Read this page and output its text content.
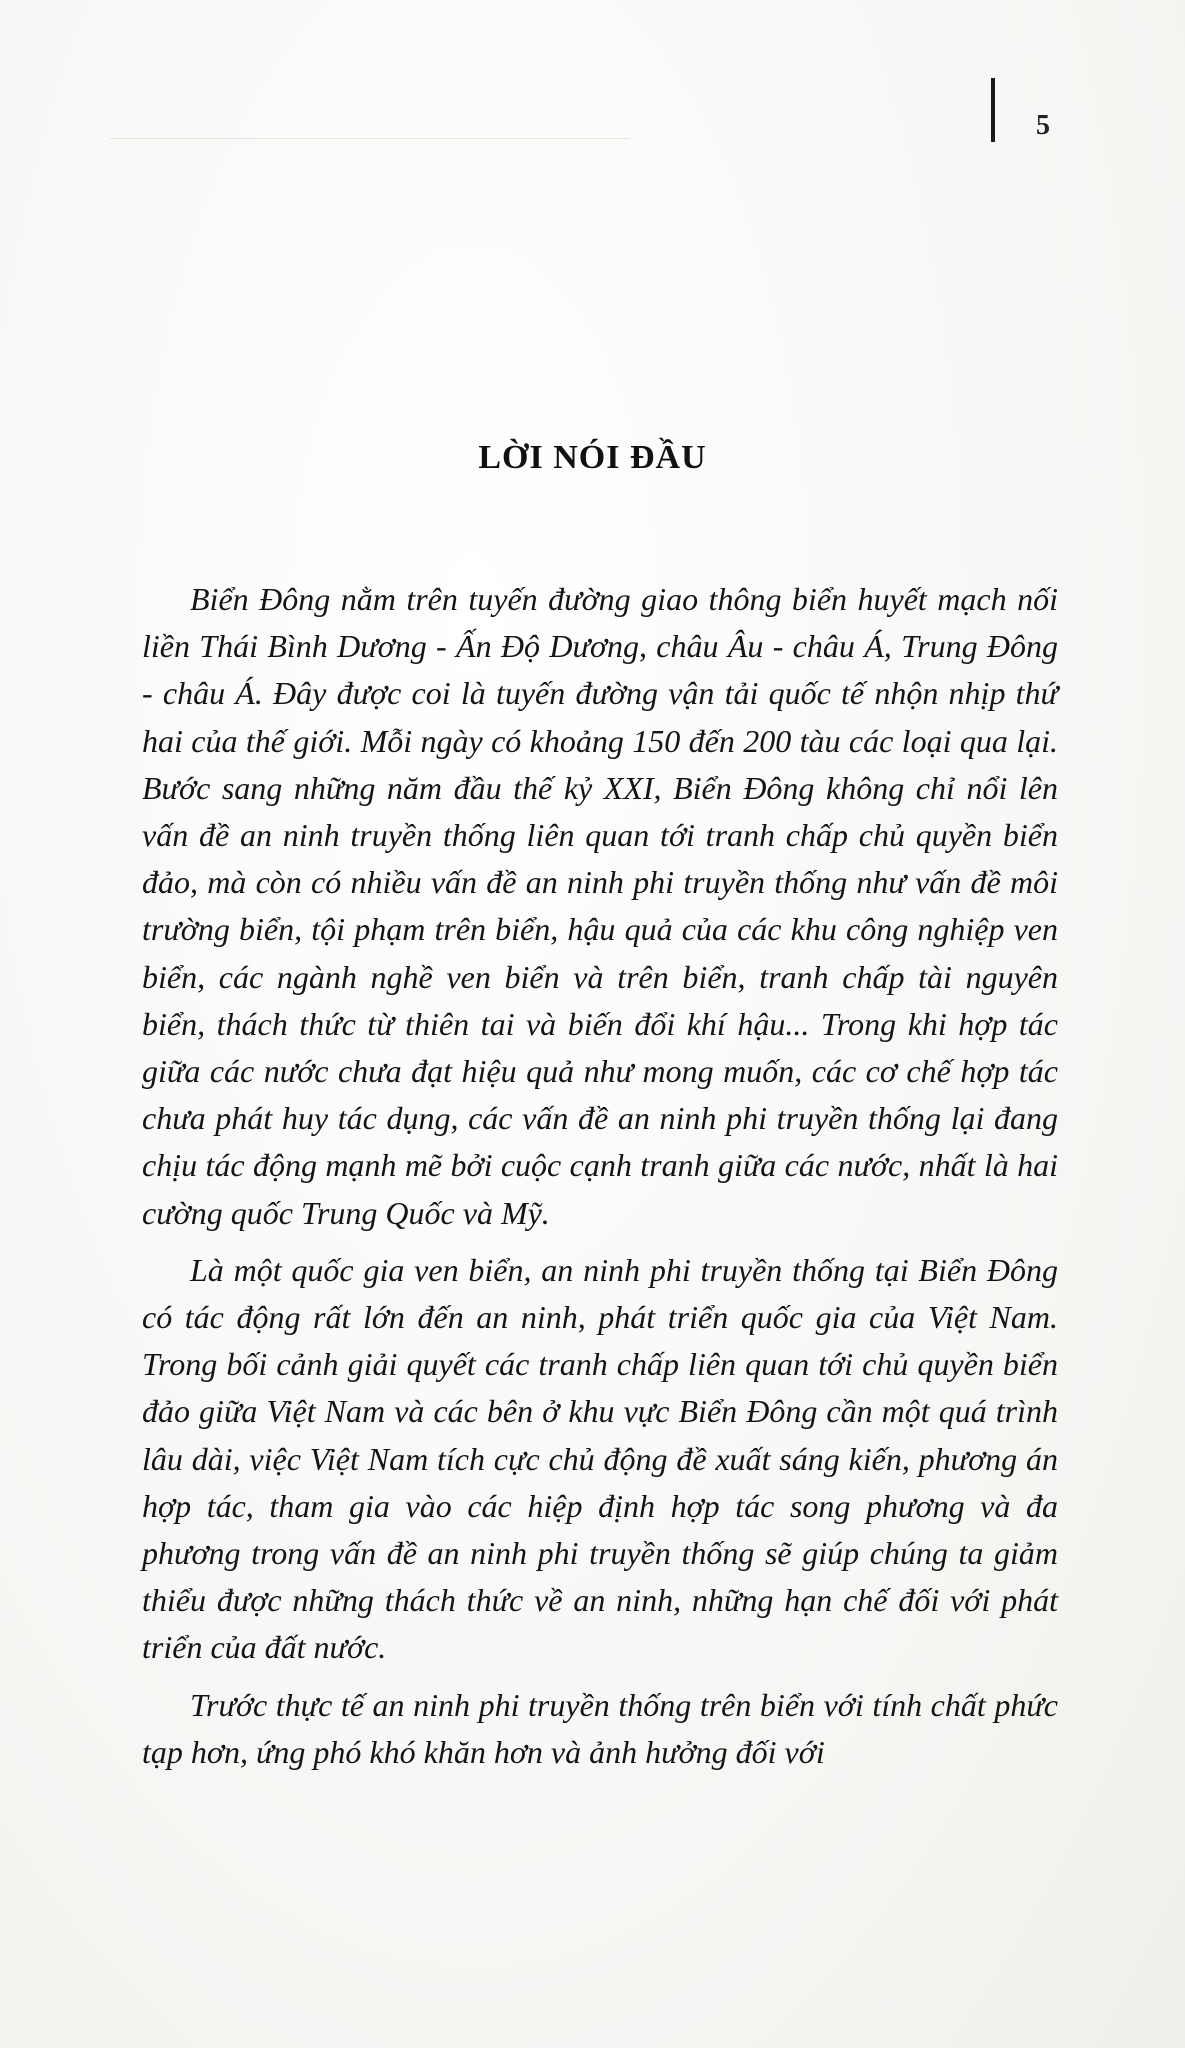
5
LỜI NÓI ĐẦU

Biển Đông nằm trên tuyến đường giao thông biển huyết mạch nối liền Thái Bình Dương - Ấn Độ Dương, châu Âu - châu Á, Trung Đông - châu Á. Đây được coi là tuyến đường vận tải quốc tế nhộn nhịp thứ hai của thế giới. Mỗi ngày có khoảng 150 đến 200 tàu các loại qua lại. Bước sang những năm đầu thế kỷ XXI, Biển Đông không chỉ nổi lên vấn đề an ninh truyền thống liên quan tới tranh chấp chủ quyền biển đảo, mà còn có nhiều vấn đề an ninh phi truyền thống như vấn đề môi trường biển, tội phạm trên biển, hậu quả của các khu công nghiệp ven biển, các ngành nghề ven biển và trên biển, tranh chấp tài nguyên biển, thách thức từ thiên tai và biến đổi khí hậu... Trong khi hợp tác giữa các nước chưa đạt hiệu quả như mong muốn, các cơ chế hợp tác chưa phát huy tác dụng, các vấn đề an ninh phi truyền thống lại đang chịu tác động mạnh mẽ bởi cuộc cạnh tranh giữa các nước, nhất là hai cường quốc Trung Quốc và Mỹ.

Là một quốc gia ven biển, an ninh phi truyền thống tại Biển Đông có tác động rất lớn đến an ninh, phát triển quốc gia của Việt Nam. Trong bối cảnh giải quyết các tranh chấp liên quan tới chủ quyền biển đảo giữa Việt Nam và các bên ở khu vực Biển Đông cần một quá trình lâu dài, việc Việt Nam tích cực chủ động đề xuất sáng kiến, phương án hợp tác, tham gia vào các hiệp định hợp tác song phương và đa phương trong vấn đề an ninh phi truyền thống sẽ giúp chúng ta giảm thiểu được những thách thức về an ninh, những hạn chế đối với phát triển của đất nước.

Trước thực tế an ninh phi truyền thống trên biển với tính chất phức tạp hơn, ứng phó khó khăn hơn và ảnh hưởng đối với
